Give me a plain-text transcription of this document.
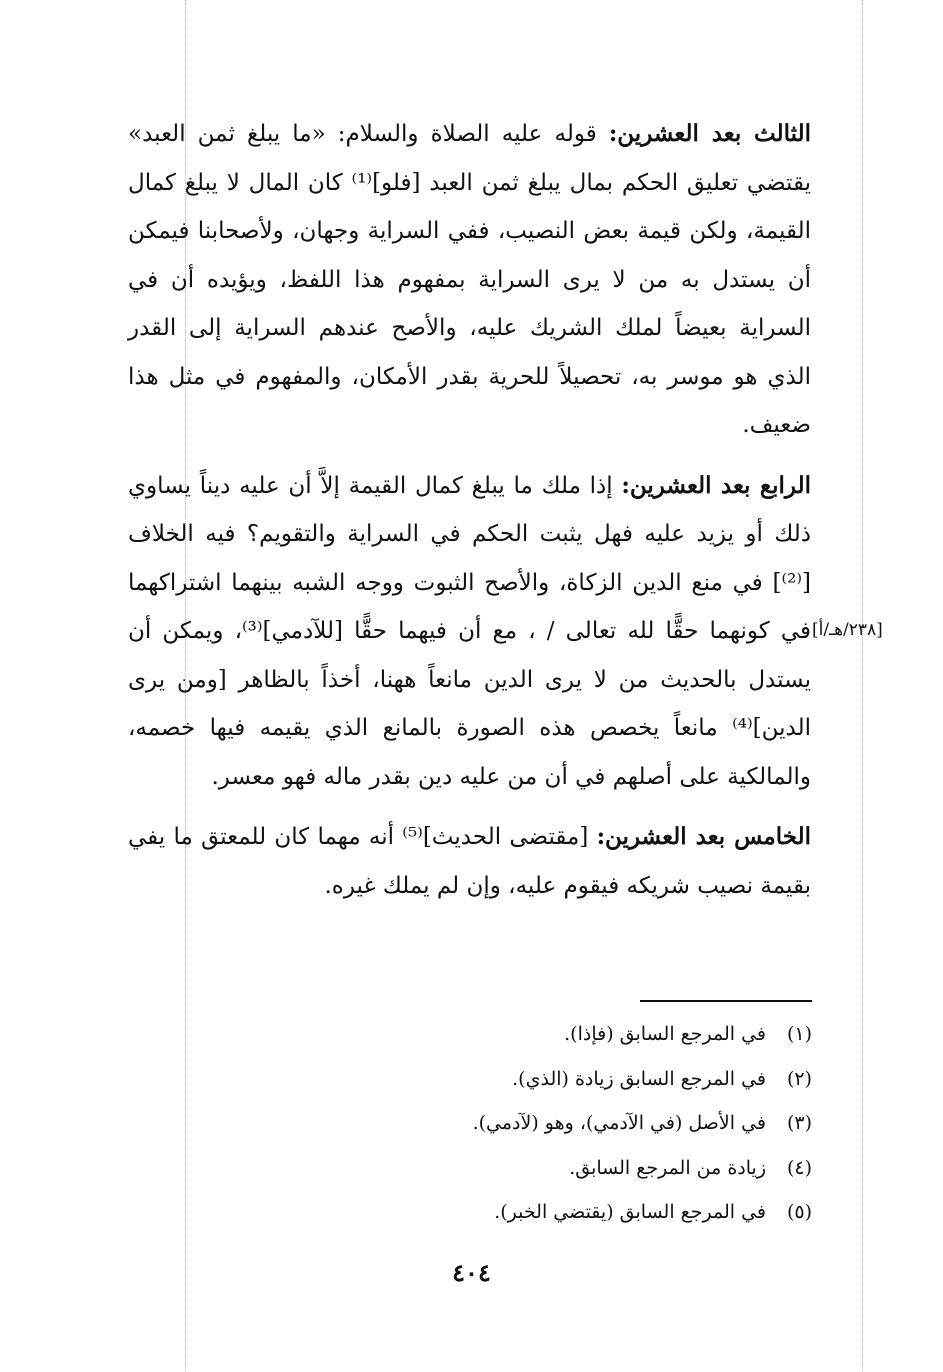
الثالث بعد العشرين: قوله عليه الصلاة والسلام: «ما يبلغ ثمن العبد» يقتضي تعليق الحكم بمال يبلغ ثمن العبد [فلو]⁽¹⁾ كان المال لا يبلغ كمال القيمة، ولكن قيمة بعض النصيب، ففي السراية وجهان، ولأصحابنا فيمكن أن يستدل به من لا يرى السراية بمفهوم هذا اللفظ، ويؤيده أن في السراية بعيضاً لملك الشريك عليه، والأصح عندهم السراية إلى القدر الذي هو موسر به، تحصيلاً للحرية بقدر الأمكان، والمفهوم في مثل هذا ضعيف.

الرابع بعد العشرين: إذا ملك ما يبلغ كمال القيمة إلاَّ أن عليه ديناً يساوي ذلك أو يزيد عليه فهل يثبت الحكم في السراية والتقويم؟ فيه الخلاف [⁽²⁾] في منع الدين الزكاة، والأصح الثبوت ووجه الشبه بينهما اشتراكهما في كونهما حقًّا لله تعالى / ، مع أن فيهما حقًّا [للآدمي]⁽³⁾، ويمكن أن يستدل بالحديث من لا يرى الدين مانعاً ههنا، أخذاً بالظاهر [ومن يرى الدين]⁽⁴⁾ مانعاً يخصص هذه الصورة بالمانع الذي يقيمه فيها خصمه، والمالكية على أصلهم في أن من عليه دين بقدر ماله فهو معسر.

الخامس بعد العشرين: [مقتضى الحديث]⁽⁵⁾ أنه مهما كان للمعتق ما يفي بقيمة نصيب شريكه فيقوم عليه، وإن لم يملك غيره.

[٢٣٨/هـ/أ]
(١)
في المرجع السابق (فإذا).
(٢)
في المرجع السابق زيادة (الذي).
(٣)
في الأصل (في الآدمي)، وهو (لآدمي).
(٤)
زيادة من المرجع السابق.
(٥)
في المرجع السابق (يقتضي الخبر).
٤٠٤
